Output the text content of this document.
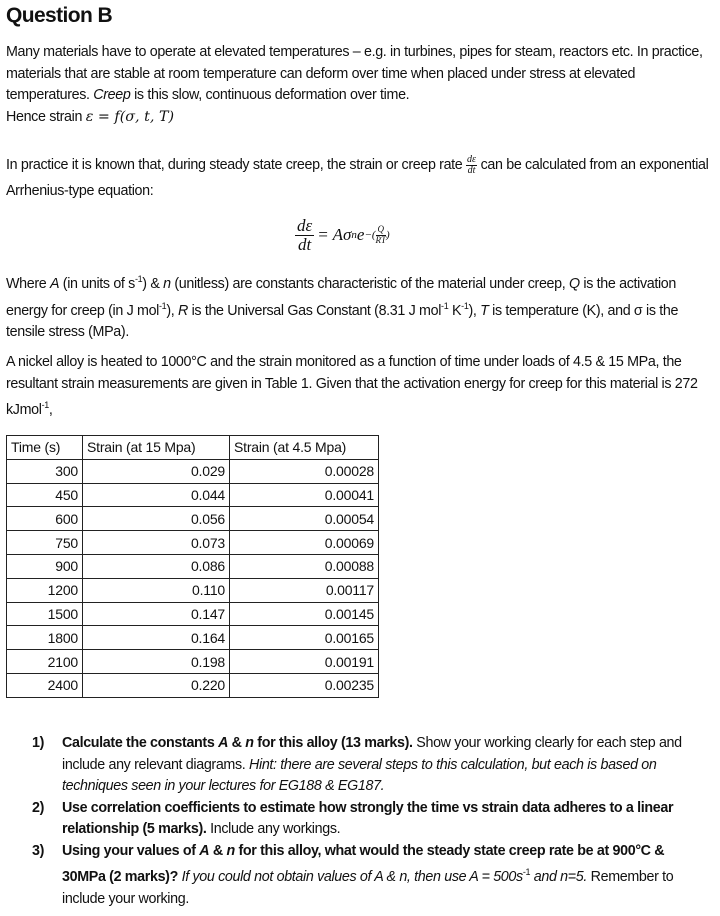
Question B
Many materials have to operate at elevated temperatures – e.g. in turbines, pipes for steam, reactors etc. In practice, materials that are stable at room temperature can deform over time when placed under stress at elevated temperatures. Creep is this slow, continuous deformation over time.
Hence strain ε = f(σ, t, T)
In practice it is known that, during steady state creep, the strain or creep rate $\frac{d\varepsilon}{dt}$ can be calculated from an exponential Arrhenius-type equation:
$\frac{d\varepsilon}{dt} = A\sigma$ n e −( $\frac{Q}{RT}$ )
Where A (in units of $s^{-1}$) & n (unitless) are constants characteristic of the material under creep, Q is the activation energy for creep (in J mol$^{-1}$), R is the Universal Gas Constant (8.31 J mol$^{-1}$ $K^{-1}$), T is temperature (K), and σ is the tensile stress (MPa).
A nickel alloy is heated to 1000°C and the strain monitored as a function of time under loads of 4.5 & 15 MPa, the resultant strain measurements are given in Table 1. Given that the activation energy for creep for this material is 272 kJmol$^{-1}$,
Time (s)	Strain (at 15 Mpa)	Strain (at 4.5 Mpa)
300	0.029	0.00028
450	0.044	0.00041
600	0.056	0.00054
750	0.073	0.00069
900	0.086	0.00088
1200	0.110	0.00117
1500	0.147	0.00145
1800	0.164	0.00165
2100	0.198	0.00191
2400	0.220	0.00235
1) Calculate the constants A & n for this alloy (13 marks). Show your working clearly for each step and include any relevant diagrams. Hint: there are several steps to this calculation, but each is based on techniques seen in your lectures for EG188 & EG187.
2) Use correlation coefficients to estimate how strongly the time vs strain data adheres to a linear relationship (5 marks). Include any workings.
3) Using your values of A & n for this alloy, what would the steady state creep rate be at 900°C & 30MPa (2 marks)? If you could not obtain values of A & n, then use $A = 500s^{-1}$ and n=5. Remember to include your working.
